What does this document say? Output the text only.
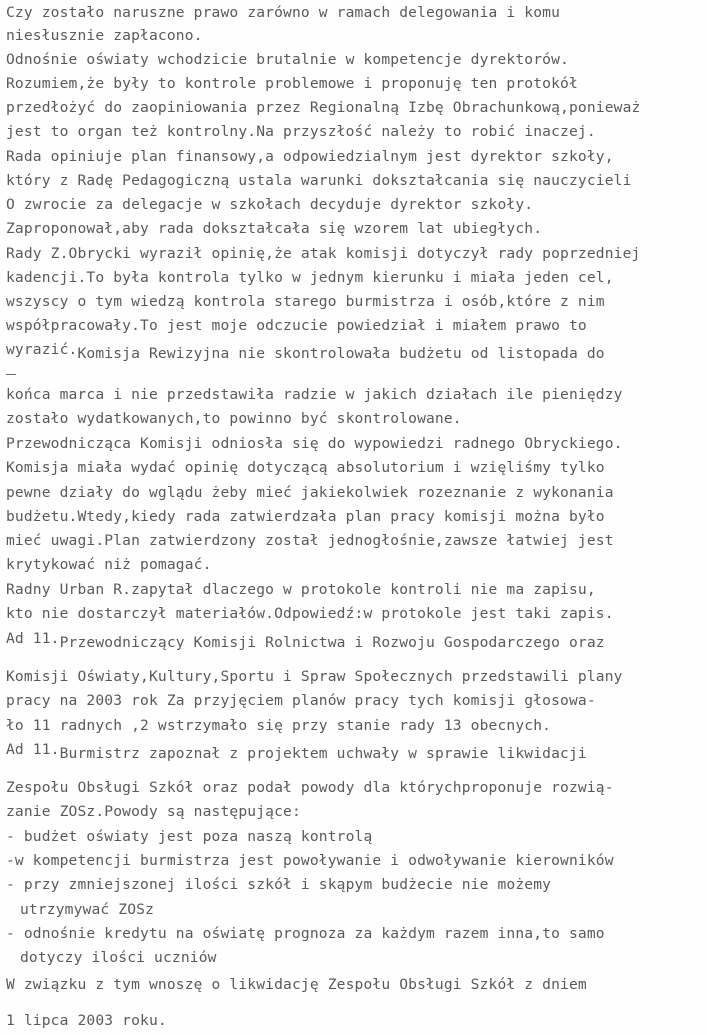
Czy zostało naruszne prawo zarówno w ramach delegowania i komu
niesłusznie zapłacono.
Odnośnie oświaty wchodzicie brutalnie w kompetencje dyrektorów.
Rozumiem,że były to kontrole problemowe i proponuję ten protokół
przedłożyć do zaopiniowania przez Regionalną Izbę Obrachunkową,ponieważ
jest to organ też kontrolny.Na przyszłość należy to robić inaczej.
Rada opiniuje plan finansowy,a odpowiedzialnym jest dyrektor szkoły,
który z Radę Pedagogiczną ustala warunki dokształcania się nauczycieli
O zwrocie za delegacje w szkołach decyduje dyrektor szkoły.
Zaproponował,aby rada dokształcała się wzorem lat ubiegłych.
Rady Z.Obrycki wyraził opinię,że atak komisji dotyczył rady poprzedniej
kadencji.To była kontrola tylko w jednym kierunku i miała jeden cel,
wszyscy o tym wiedzą kontrola starego burmistrza i osób,które z nim
współpracowały.To jest moje odczucie powiedział i miałem prawo to
wyrazić.Komisja Rewizyjna nie skontrolowała budżetu od listopada do
końca marca i nie przedstawiła radzie w jakich działach ile pieniędzy
zostało wydatkowanych,to powinno być skontrolowane.
Przewodnicząca Komisji odniosła się do wypowiedzi radnego Obryckiego.
Komisja miała wydać opinię dotyczącą absolutorium i wzięliśmy tylko
pewne działy do wglądu żeby mieć jakiekolwiek rozeznanie z wykonania
budżetu.Wtedy,kiedy rada zatwierdzała plan pracy komisji można było
mieć uwagi.Plan zatwierdzony został jednogłośnie,zawsze łatwiej jest
krytykować niż pomagać.
Radny Urban R.zapytał dlaczego w protokole kontroli nie ma zapisu,
kto nie dostarczył materiałów.Odpowiedź:w protokole jest taki zapis.
Ad 11.Przewodniczący Komisji Rolnictwa i Rozwoju Gospodarczego oraz
Komisji Oświaty,Kultury,Sportu i Spraw Społecznych przedstawili plany
pracy na 2003 rok Za przyjęciem planów pracy tych komisji głosowa-
ło 11 radnych ,2 wstrzymało się przy stanie rady 13 obecnych.
Ad 11.Burmistrz zapoznał z projektem uchwały w sprawie likwidacji
Zespołu Obsługi Szkół oraz podał powody dla którychproponuje rozwią-
zanie ZOSz.Powody są następujące:
- budżet oświaty jest poza naszą kontrolą
-w kompetencji burmistrza jest powoływanie i odwoływanie kierowników
- przy zmniejszonej ilości szkół i skąpym budżecie nie możemy
utrzymywać ZOSz
- odnośnie kredytu na oświatę prognoza za każdym razem inna,to samo
dotyczy ilości uczniów
W związku z tym wnoszę o likwidację Zespołu Obsługi Szkół z dniem
1 lipca 2003 roku.
